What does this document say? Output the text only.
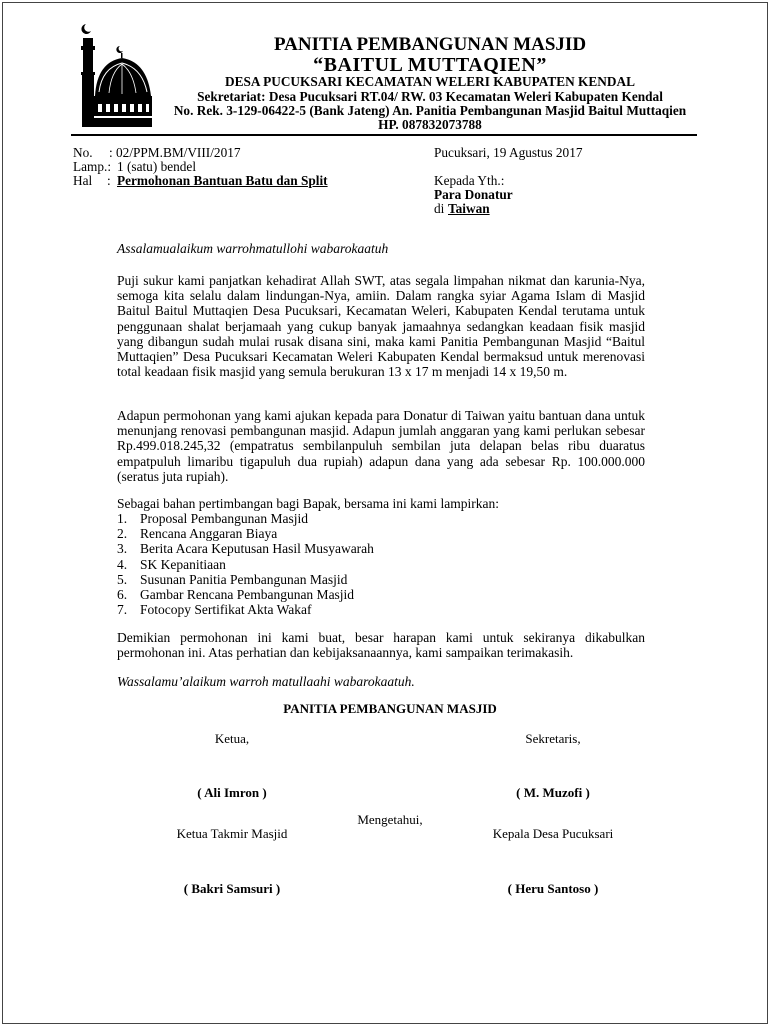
PANITIA PEMBANGUNAN MASJID
“BAITUL MUTTAQIEN”
DESA PUCUKSARI KECAMATAN WELERI KABUPATEN KENDAL
Sekretariat: Desa Pucuksari RT.04/ RW. 03 Kecamatan Weleri Kabupaten Kendal
No. Rek. 3-129-06422-5 (Bank Jateng) An. Panitia Pembangunan Masjid Baitul Muttaqien
HP. 087832073788
No. : 02/PPM.BM/VIII/2017
Lamp.: 1 (satu) bendel
Hal : Permohonan Bantuan Batu dan Split
Pucuksari, 19 Agustus 2017
Kepada Yth.:
Para Donatur
di Taiwan
Assalamualaikum warrohmatullohi wabarokaatuh
Puji sukur kami panjatkan kehadirat Allah SWT, atas segala limpahan nikmat dan karunia-Nya, semoga kita selalu dalam lindungan-Nya, amiin. Dalam rangka syiar Agama Islam di Masjid Baitul Baitul Muttaqien Desa Pucuksari, Kecamatan Weleri, Kabupaten Kendal terutama untuk penggunaan shalat berjamaah yang cukup banyak jamaahnya sedangkan keadaan fisik masjid yang dibangun sudah mulai rusak disana sini, maka kami Panitia Pembangunan Masjid “Baitul Muttaqien” Desa Pucuksari Kecamatan Weleri Kabupaten Kendal bermaksud untuk merenovasi total keadaan fisik masjid yang semula berukuran 13 x 17 m menjadi 14 x 19,50 m.
Adapun permohonan yang kami ajukan kepada para Donatur di Taiwan yaitu bantuan dana untuk menunjang renovasi pembangunan masjid. Adapun jumlah anggaran yang kami perlukan sebesar Rp.499.018.245,32 (empatratus sembilanpuluh sembilan juta delapan belas ribu duaratus empatpuluh limaribu tigapuluh dua rupiah) adapun dana yang ada sebesar Rp. 100.000.000 (seratus juta rupiah).
Sebagai bahan pertimbangan bagi Bapak, bersama ini kami lampirkan:
1. Proposal Pembangunan Masjid
2. Rencana Anggaran Biaya
3. Berita Acara Keputusan Hasil Musyawarah
4. SK Kepanitiaan
5. Susunan Panitia Pembangunan Masjid
6. Gambar Rencana Pembangunan Masjid
7. Fotocopy Sertifikat Akta Wakaf
Demikian permohonan ini kami buat, besar harapan kami untuk sekiranya dikabulkan permohonan ini. Atas perhatian dan kebijaksanaannya, kami sampaikan terimakasih.
Wassalamu’alaikum warroh matullaahi wabarokaatuh.
PANITIA PEMBANGUNAN MASJID
Ketua,	Sekretaris,
( Ali Imron )	( M. Muzofi )
Mengetahui,
Ketua Takmir Masjid	Kepala Desa Pucuksari
( Bakri Samsuri )	( Heru Santoso )
